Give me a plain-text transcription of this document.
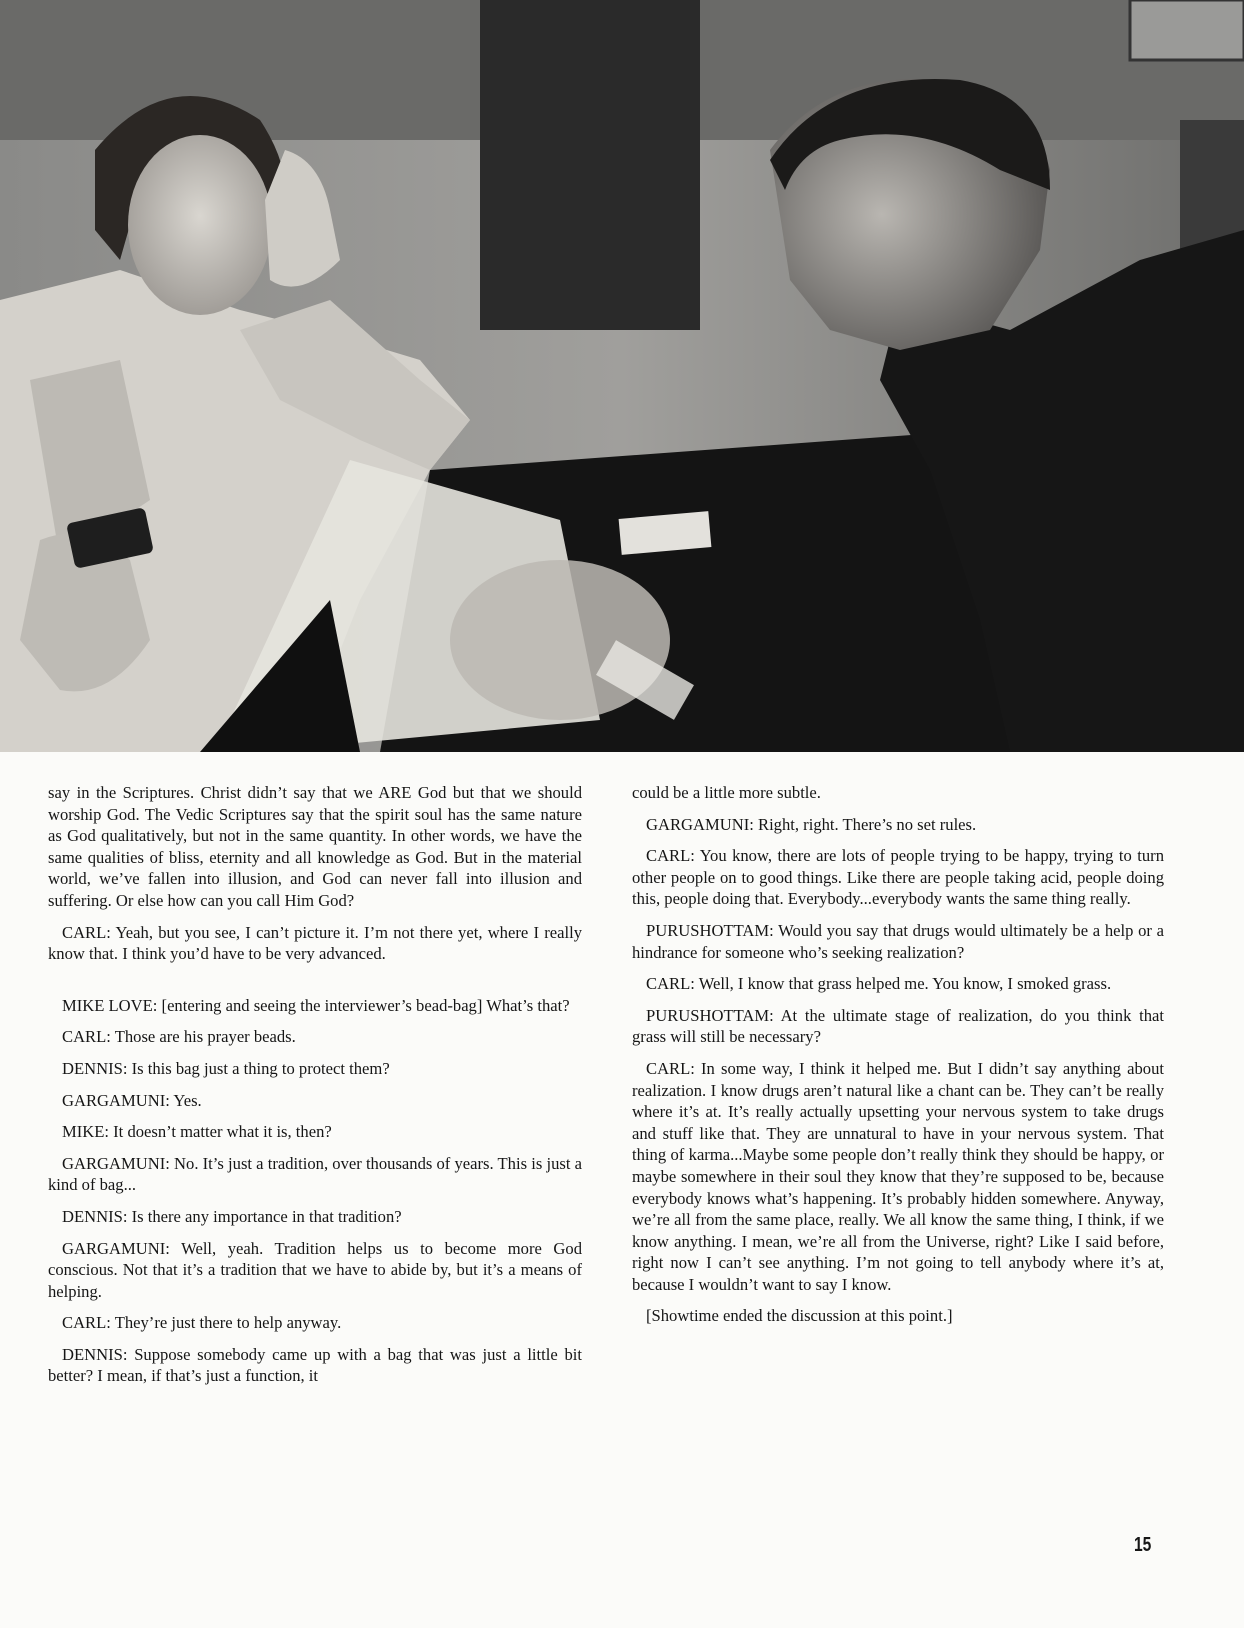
say in the Scriptures. Christ didn’t say that we ARE God but that we should worship God. The Vedic Scriptures say that the spirit soul has the same nature as God qualitatively, but not in the same quantity. In other words, we have the same qualities of bliss, eternity and all knowledge as God. But in the material world, we’ve fallen into illusion, and God can never fall into illusion and suffering. Or else how can you call Him God?

CARL: Yeah, but you see, I can’t picture it. I’m not there yet, where I really know that. I think you’d have to be very advanced.

MIKE LOVE: [entering and seeing the interviewer’s bead-bag] What’s that?

CARL: Those are his prayer beads.

DENNIS: Is this bag just a thing to protect them?

GARGAMUNI: Yes.

MIKE: It doesn’t matter what it is, then?

GARGAMUNI: No. It’s just a tradition, over thousands of years. This is just a kind of bag...

DENNIS: Is there any importance in that tradition?

GARGAMUNI: Well, yeah. Tradition helps us to become more God conscious. Not that it’s a tradition that we have to abide by, but it’s a means of helping.

CARL: They’re just there to help anyway.

DENNIS: Suppose somebody came up with a bag that was just a little bit better? I mean, if that’s just a function, it

could be a little more subtle.

GARGAMUNI: Right, right. There’s no set rules.

CARL: You know, there are lots of people trying to be happy, trying to turn other people on to good things. Like there are people taking acid, people doing this, people doing that. Everybody...everybody wants the same thing really.

PURUSHOTTAM: Would you say that drugs would ultimately be a help or a hindrance for someone who’s seeking realization?

CARL: Well, I know that grass helped me. You know, I smoked grass.

PURUSHOTTAM: At the ultimate stage of realization, do you think that grass will still be necessary?

CARL: In some way, I think it helped me. But I didn’t say anything about realization. I know drugs aren’t natural like a chant can be. They can’t be really where it’s at. It’s really actually upsetting your nervous system to take drugs and stuff like that. They are unnatural to have in your nervous system. That thing of karma...Maybe some people don’t really think they should be happy, or maybe somewhere in their soul they know that they’re supposed to be, because everybody knows what’s happening. It’s probably hidden somewhere. Anyway, we’re all from the same place, really. We all know the same thing, I think, if we know anything. I mean, we’re all from the Universe, right? Like I said before, right now I can’t see anything. I’m not going to tell anybody where it’s at, because I wouldn’t want to say I know.

[Showtime ended the discussion at this point.]

15
